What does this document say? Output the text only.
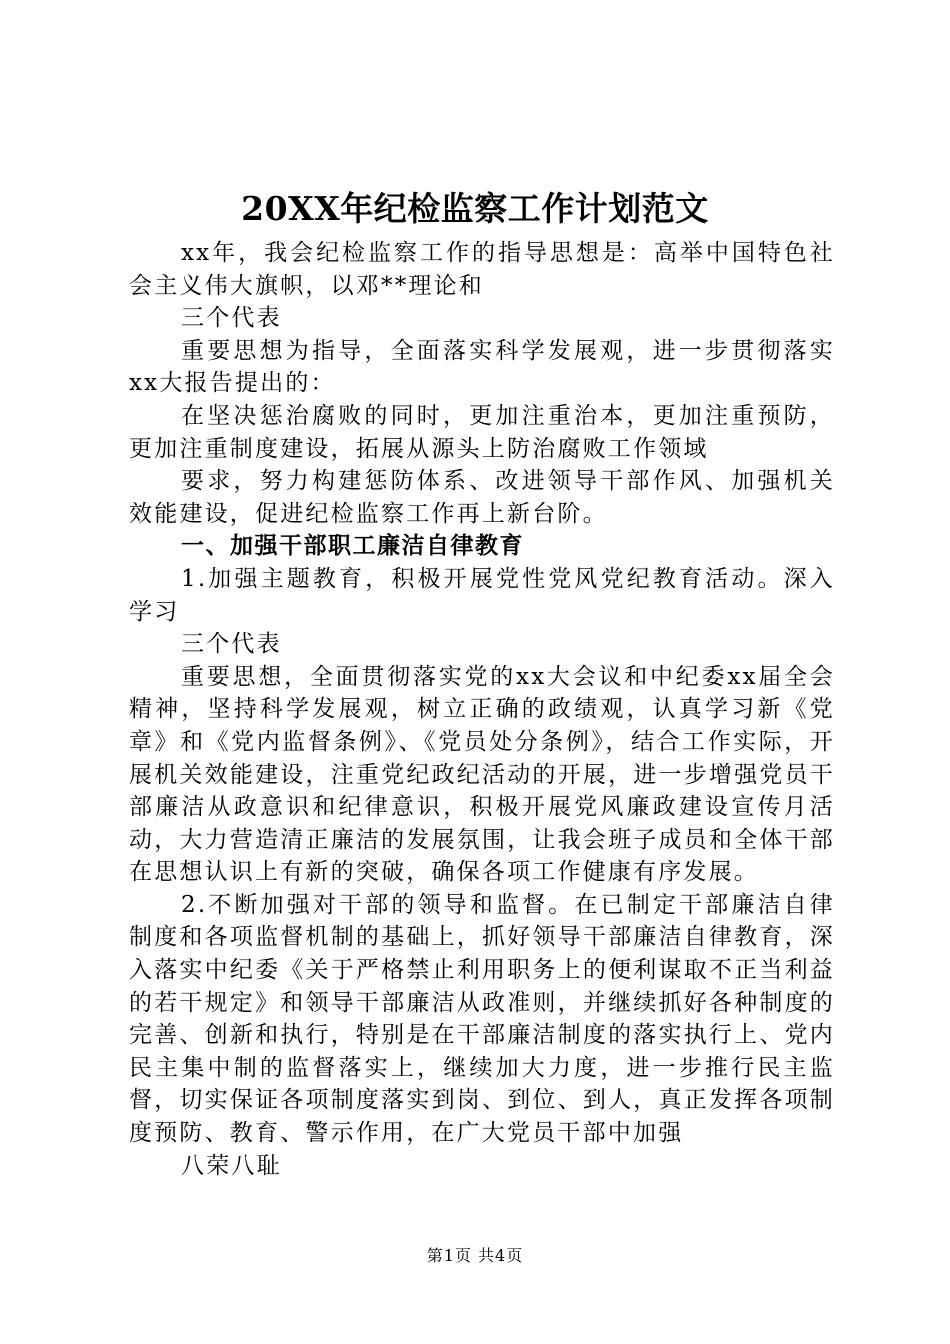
20XX年纪检监察工作计划范文

xx年，我会纪检监察工作的指导思想是：高举中国特色社会主义伟大旗帜，以邓**理论和

三个代表

重要思想为指导，全面落实科学发展观，进一步贯彻落实xx大报告提出的：

在坚决惩治腐败的同时，更加注重治本，更加注重预防，更加注重制度建设，拓展从源头上防治腐败工作领域

要求，努力构建惩防体系、改进领导干部作风、加强机关效能建设，促进纪检监察工作再上新台阶。

一、加强干部职工廉洁自律教育

1.加强主题教育，积极开展党性党风党纪教育活动。深入学习

三个代表

重要思想，全面贯彻落实党的xx大会议和中纪委xx届全会精神，坚持科学发展观，树立正确的政绩观，认真学习新《党章》和《党内监督条例》、《党员处分条例》，结合工作实际，开展机关效能建设，注重党纪政纪活动的开展，进一步增强党员干部廉洁从政意识和纪律意识，积极开展党风廉政建设宣传月活动，大力营造清正廉洁的发展氛围，让我会班子成员和全体干部在思想认识上有新的突破，确保各项工作健康有序发展。

2.不断加强对干部的领导和监督。在已制定干部廉洁自律制度和各项监督机制的基础上，抓好领导干部廉洁自律教育，深入落实中纪委《关于严格禁止利用职务上的便利谋取不正当利益的若干规定》和领导干部廉洁从政准则，并继续抓好各种制度的完善、创新和执行，特别是在干部廉洁制度的落实执行上、党内民主集中制的监督落实上，继续加大力度，进一步推行民主监督，切实保证各项制度落实到岗、到位、到人，真正发挥各项制度预防、教育、警示作用，在广大党员干部中加强

八荣八耻

第1页 共4页
